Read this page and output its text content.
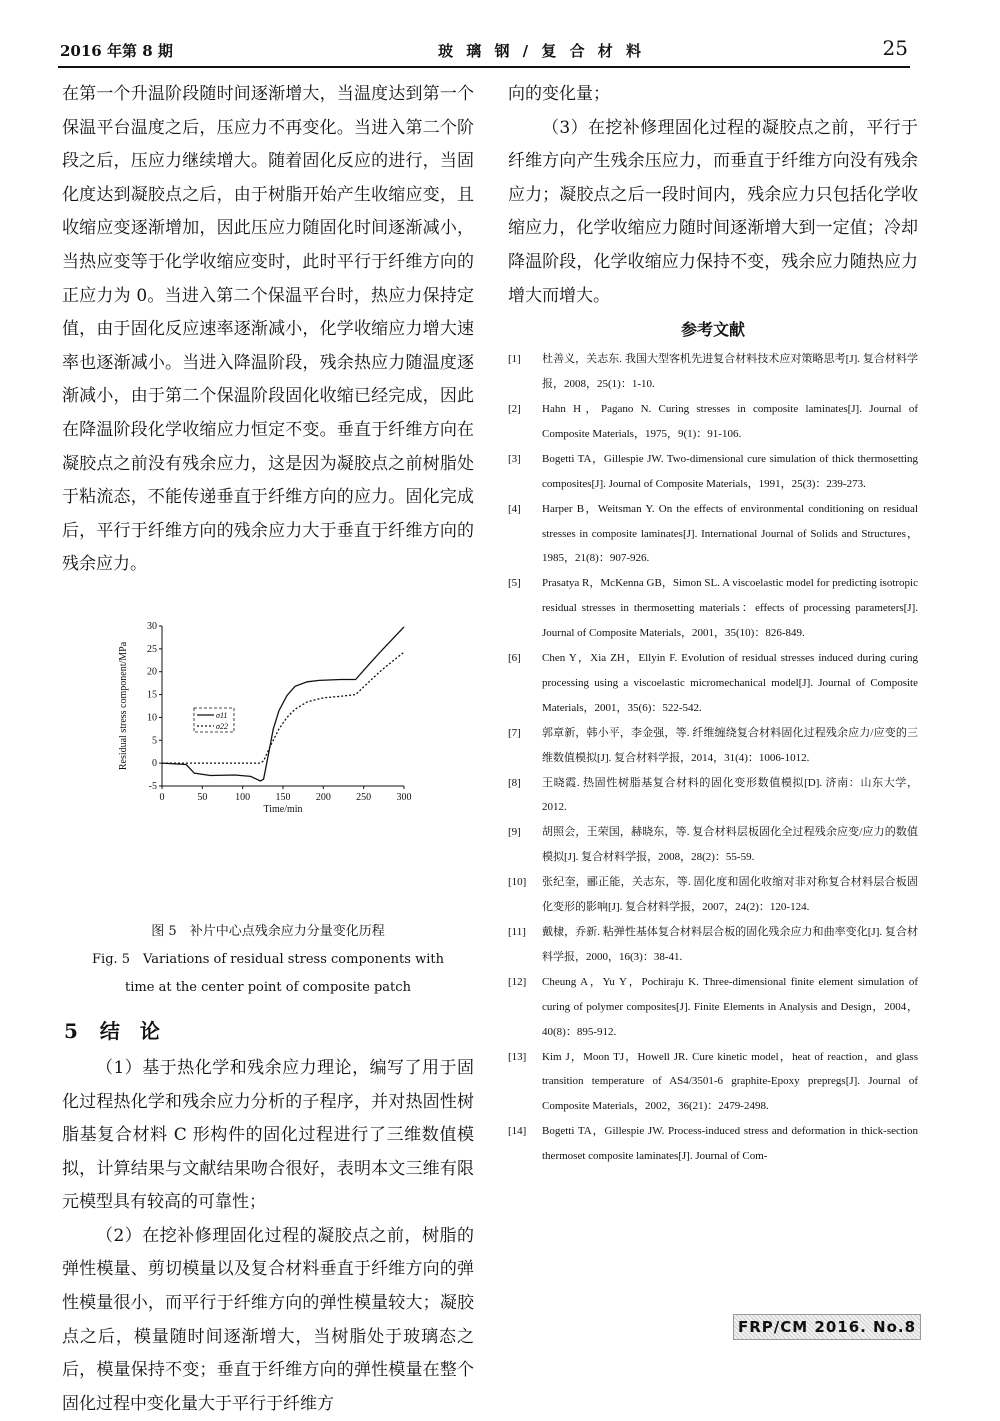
2016 年第 8 期	玻 璃 钢 / 复 合 材 料	25

在第一个升温阶段随时间逐渐增大，当温度达到第一个保温平台温度之后，压应力不再变化。当进入第二个阶段之后，压应力继续增大。随着固化反应的进行，当固化度达到凝胶点之后，由于树脂开始产生收缩应变，且收缩应变逐渐增加，因此压应力随固化时间逐渐减小，当热应变等于化学收缩应变时，此时平行于纤维方向的正应力为 0。当进入第二个保温平台时，热应力保持定值，由于固化反应速率逐渐减小，化学收缩应力增大速率也逐渐减小。当进入降温阶段，残余热应力随温度逐渐减小，由于第二个保温阶段固化收缩已经完成，因此在降温阶段化学收缩应力恒定不变。垂直于纤维方向在凝胶点之前没有残余应力，这是因为凝胶点之前树脂处于粘流态，不能传递垂直于纤维方向的应力。固化完成后，平行于纤维方向的残余应力大于垂直于纤维方向的残余应力。

-5
0
5
10
15
20
25
30
0	50	100	150	200	250	300
Time/min
Residual stress component/MPa	σ11
σ22
图 5　补片中心点残余应力分量变化历程
Fig. 5　Variations of residual stress components with
time at the center point of composite patch
5 结 论

（1）基于热化学和残余应力理论，编写了用于固化过程热化学和残余应力分析的子程序，并对热固性树脂基复合材料 C 形构件的固化过程进行了三维数值模拟，计算结果与文献结果吻合很好，表明本文三维有限元模型具有较高的可靠性；

（2）在挖补修理固化过程的凝胶点之前，树脂的弹性模量、剪切模量以及复合材料垂直于纤维方向的弹性模量很小，而平行于纤维方向的弹性模量较大；凝胶点之后，模量随时间逐渐增大，当树脂处于玻璃态之后，模量保持不变；垂直于纤维方向的弹性模量在整个固化过程中变化量大于平行于纤维方

向的变化量；

（3）在挖补修理固化过程的凝胶点之前，平行于纤维方向产生残余压应力，而垂直于纤维方向没有残余应力；凝胶点之后一段时间内，残余应力只包括化学收缩应力，化学收缩应力随时间逐渐增大到一定值；冷却降温阶段，化学收缩应力保持不变，残余应力随热应力增大而增大。

参考文献
[1]	杜善义，关志东. 我国大型客机先进复合材料技术应对策略思考[J]. 复合材料学报，2008，25(1)：1-10.
[2]	Hahn H，Pagano N. Curing stresses in composite laminates[J]. Journal of Composite Materials，1975，9(1)：91-106.
[3]	Bogetti TA，Gillespie JW. Two-dimensional cure simulation of thick thermosetting composites[J]. Journal of Composite Materials，1991，25(3)：239-273.
[4]	Harper B，Weitsman Y. On the effects of environmental conditioning on residual stresses in composite laminates[J]. International Journal of Solids and Structures，1985，21(8)：907-926.
[5]	Prasatya R，McKenna GB，Simon SL. A viscoelastic model for predicting isotropic residual stresses in thermosetting materials：effects of processing parameters[J]. Journal of Composite Materials，2001，35(10)：826-849.
[6]	Chen Y，Xia ZH，Ellyin F. Evolution of residual stresses induced during curing processing using a viscoelastic micromechanical model[J]. Journal of Composite Materials，2001，35(6)：522-542.
[7]	郭章新，韩小平，李金强，等. 纤维缠绕复合材料固化过程残余应力/应变的三维数值模拟[J]. 复合材料学报，2014，31(4)：1006-1012.
[8]	王晓霞. 热固性树脂基复合材料的固化变形数值模拟[D]. 济南：山东大学，2012.
[9]	胡照会，王荣国，赫晓东，等. 复合材料层板固化全过程残余应变/应力的数值模拟[J]. 复合材料学报，2008，28(2)：55-59.
[10]	张纪奎，郦正能，关志东，等. 固化度和固化收缩对非对称复合材料层合板固化变形的影响[J]. 复合材料学报，2007，24(2)：120-124.
[11]	戴棣，乔新. 粘弹性基体复合材料层合板的固化残余应力和曲率变化[J]. 复合材料学报，2000，16(3)：38-41.
[12]	Cheung A，Yu Y，Pochiraju K. Three-dimensional finite element simulation of curing of polymer composites[J]. Finite Elements in Analysis and Design，2004，40(8)：895-912.
[13]	Kim J，Moon TJ，Howell JR. Cure kinetic model，heat of reaction，and glass transition temperature of AS4/3501-6 graphite-Epoxy prepregs[J]. Journal of Composite Materials，2002，36(21)：2479-2498.
[14]	Bogetti TA，Gillespie JW. Process-induced stress and deformation in thick-section thermoset composite laminates[J]. Journal of Com-
FRP/CM 2016. No.8
